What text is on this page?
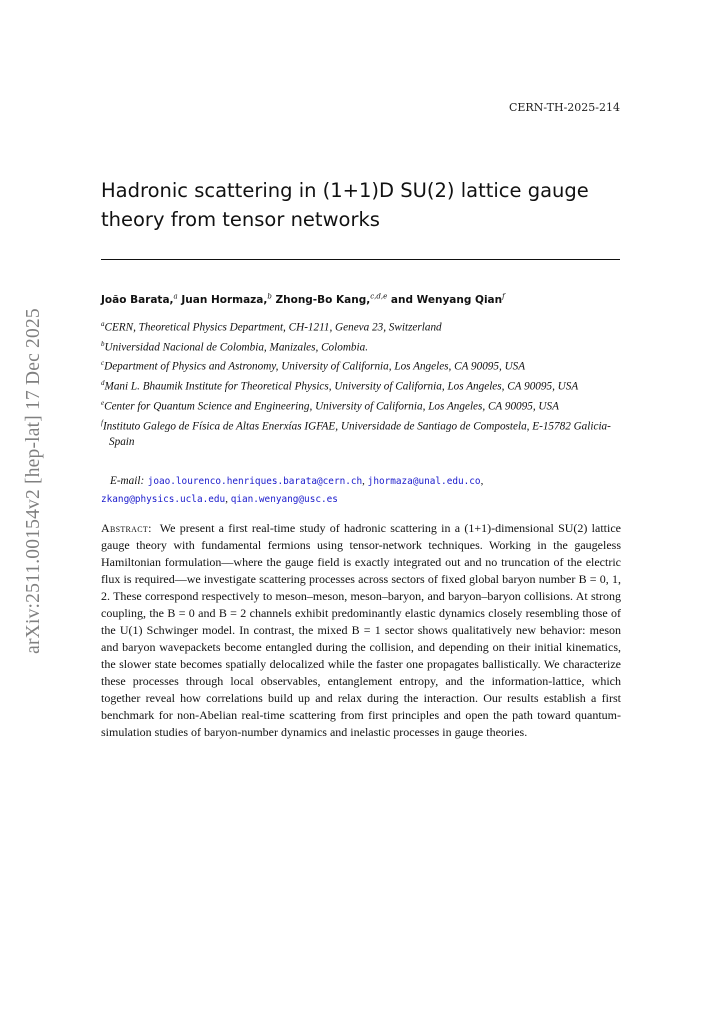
CERN-TH-2025-214
arXiv:2511.00154v2 [hep-lat] 17 Dec 2025
Hadronic scattering in (1+1)D SU(2) lattice gauge theory from tensor networks
João Barata,$^a$ Juan Hormaza,$^b$ Zhong-Bo Kang,$^{c,d,e}$ and Wenyang Qian$^f$

$^a$CERN, Theoretical Physics Department, CH-1211, Geneva 23, Switzerland

$^b$Universidad Nacional de Colombia, Manizales, Colombia.

$^c$Department of Physics and Astronomy, University of California, Los Angeles, CA 90095, USA

$^d$Mani L. Bhaumik Institute for Theoretical Physics, University of California, Los Angeles, CA 90095, USA

$^e$Center for Quantum Science and Engineering, University of California, Los Angeles, CA 90095, USA

$^f$Instituto Galego de Física de Altas Enerxías IGFAE, Universidade de Santiago de Compostela, E-15782 Galicia-Spain

E-mail: joao.lourenco.henriques.barata@cern.ch, jhormaza@unal.edu.co,
zkang@physics.ucla.edu, qian.wenyang@usc.es

Abstract: We present a first real-time study of hadronic scattering in a (1+1)-dimensional SU(2) lattice gauge theory with fundamental fermions using tensor-network techniques. Working in the gaugeless Hamiltonian formulation—where the gauge field is exactly integrated out and no truncation of the electric flux is required—we investigate scattering processes across sectors of fixed global baryon number B = 0, 1, 2. These correspond respectively to meson–meson, meson–baryon, and baryon–baryon collisions. At strong coupling, the B = 0 and B = 2 channels exhibit predominantly elastic dynamics closely resembling those of the U(1) Schwinger model. In contrast, the mixed B = 1 sector shows qualitatively new behavior: meson and baryon wavepackets become entangled during the collision, and depending on their initial kinematics, the slower state becomes spatially delocalized while the faster one propagates ballistically. We characterize these processes through local observables, entanglement entropy, and the information-lattice, which together reveal how correlations build up and relax during the interaction. Our results establish a first benchmark for non-Abelian real-time scattering from first principles and open the path toward quantum-simulation studies of baryon-number dynamics and inelastic processes in gauge theories.
